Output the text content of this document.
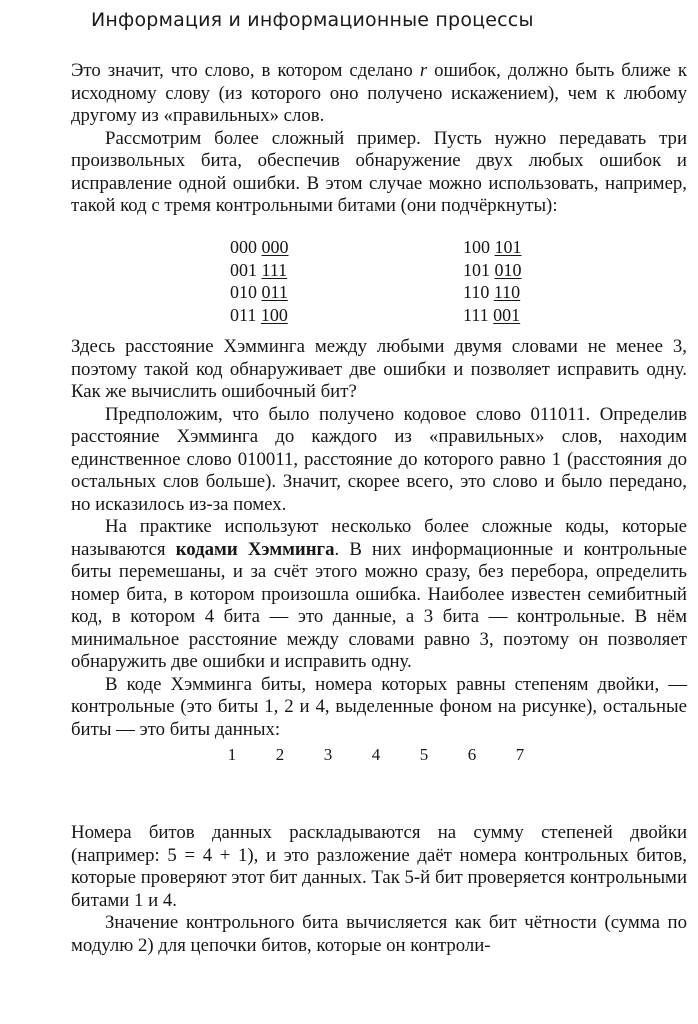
Информация и информационные процессы

Это значит, что слово, в котором сделано r ошибок, должно быть ближе к исходному слову (из которого оно получено искажением), чем к любому другому из «правильных» слов.

Рассмотрим более сложный пример. Пусть нужно передавать три произвольных бита, обеспечив обнаружение двух любых ошибок и исправление одной ошибки. В этом случае можно использовать, например, такой код с тремя контрольными битами (они подчёркнуты):

000 000
001 111
010 011
011 100
100 101
101 010
110 110
111 001

Здесь расстояние Хэмминга между любыми двумя словами не менее 3, поэтому такой код обнаруживает две ошибки и позволяет исправить одну. Как же вычислить ошибочный бит?

Предположим, что было получено кодовое слово 011011. Определив расстояние Хэмминга до каждого из «правильных» слов, находим единственное слово 010011, расстояние до которого равно 1 (расстояния до остальных слов больше). Значит, скорее всего, это слово и было передано, но исказилось из-за помех.

На практике используют несколько более сложные коды, которые называются кодами Хэмминга. В них информационные и контрольные биты перемешаны, и за счёт этого можно сразу, без перебора, определить номер бита, в котором произошла ошибка. Наиболее известен семибитный код, в котором 4 бита — это данные, а 3 бита — контрольные. В нём минимальное расстояние между словами равно 3, поэтому он позволяет обнаружить две ошибки и исправить одну.

В коде Хэмминга биты, номера которых равны степеням двойки, — контрольные (это биты 1, 2 и 4, выделенные фоном на рисунке), остальные биты — это биты данных:

1	2	3	4	5	6	7

Номера битов данных раскладываются на сумму степеней двойки (например: 5 = 4 + 1), и это разложение даёт номера контрольных битов, которые проверяют этот бит данных. Так 5-й бит проверяется контрольными битами 1 и 4.

Значение контрольного бита вычисляется как бит чётности (сумма по модулю 2) для цепочки битов, которые он контроли-
